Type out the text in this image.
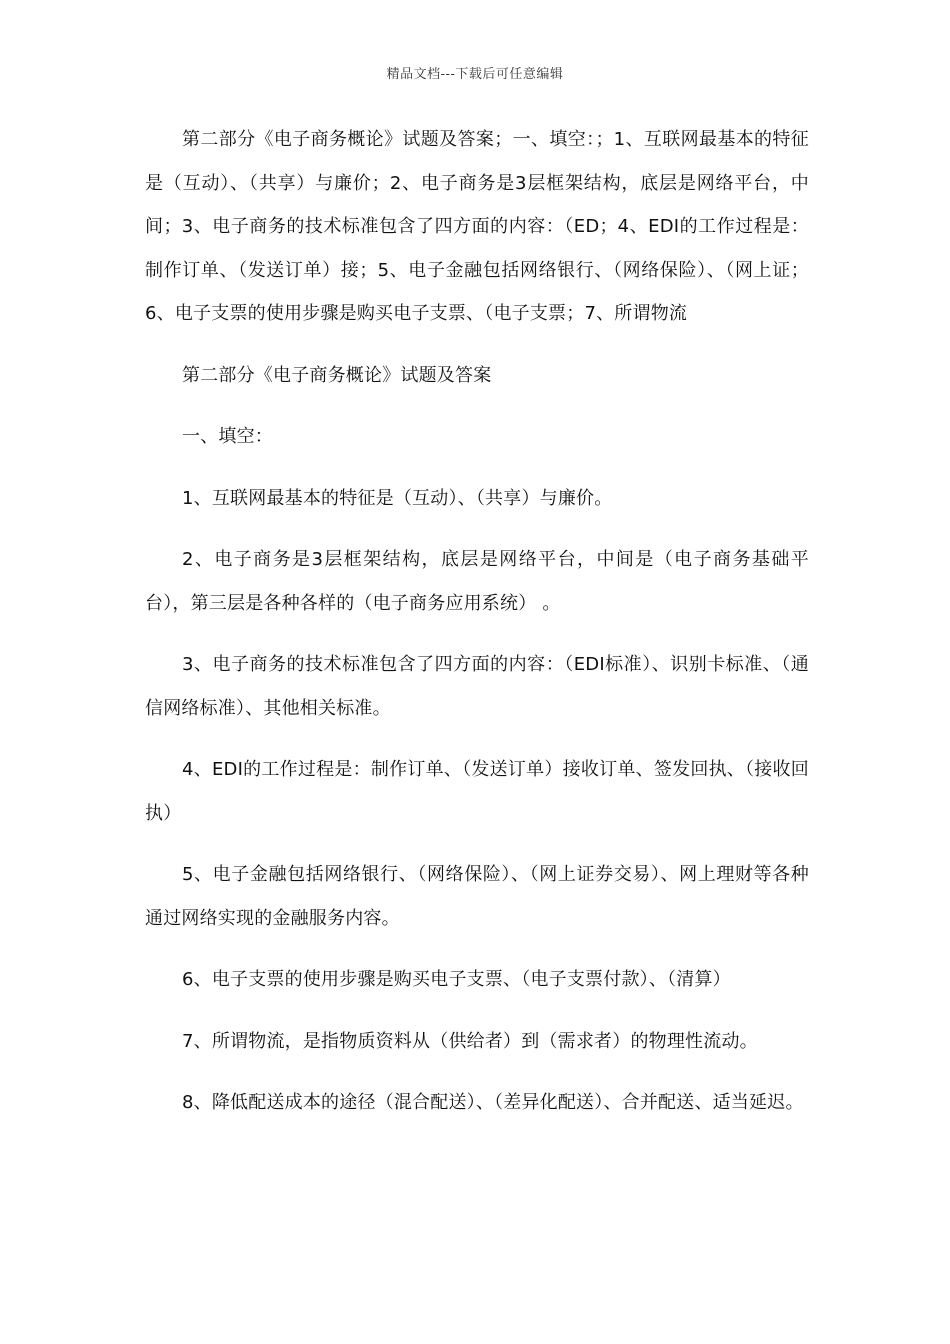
精品文档---下载后可任意编辑

第二部分《电子商务概论》试题及答案；一、填空：；1、互联网最基本的特征是（互动）、（共享）与廉价；2、电子商务是3层框架结构，底层是网络平台，中间；3、电子商务的技术标准包含了四方面的内容：（ED；4、EDI的工作过程是：制作订单、（发送订单）接；5、电子金融包括网络银行、（网络保险）、（网上证；6、电子支票的使用步骤是购买电子支票、（电子支票；7、所谓物流

第二部分《电子商务概论》试题及答案

一、填空：

1、互联网最基本的特征是（互动）、（共享）与廉价。

2、电子商务是3层框架结构，底层是网络平台，中间是（电子商务基础平台），第三层是各种各样的（电子商务应用系统） 。

3、电子商务的技术标准包含了四方面的内容：（EDI标准）、识别卡标准、（通信网络标准）、其他相关标准。

4、EDI的工作过程是：制作订单、（发送订单）接收订单、签发回执、（接收回执）

5、电子金融包括网络银行、（网络保险）、（网上证券交易）、网上理财等各种通过网络实现的金融服务内容。

6、电子支票的使用步骤是购买电子支票、（电子支票付款）、（清算）

7、所谓物流，是指物质资料从（供给者）到（需求者）的物理性流动。

8、降低配送成本的途径（混合配送）、（差异化配送）、合并配送、适当延迟。
